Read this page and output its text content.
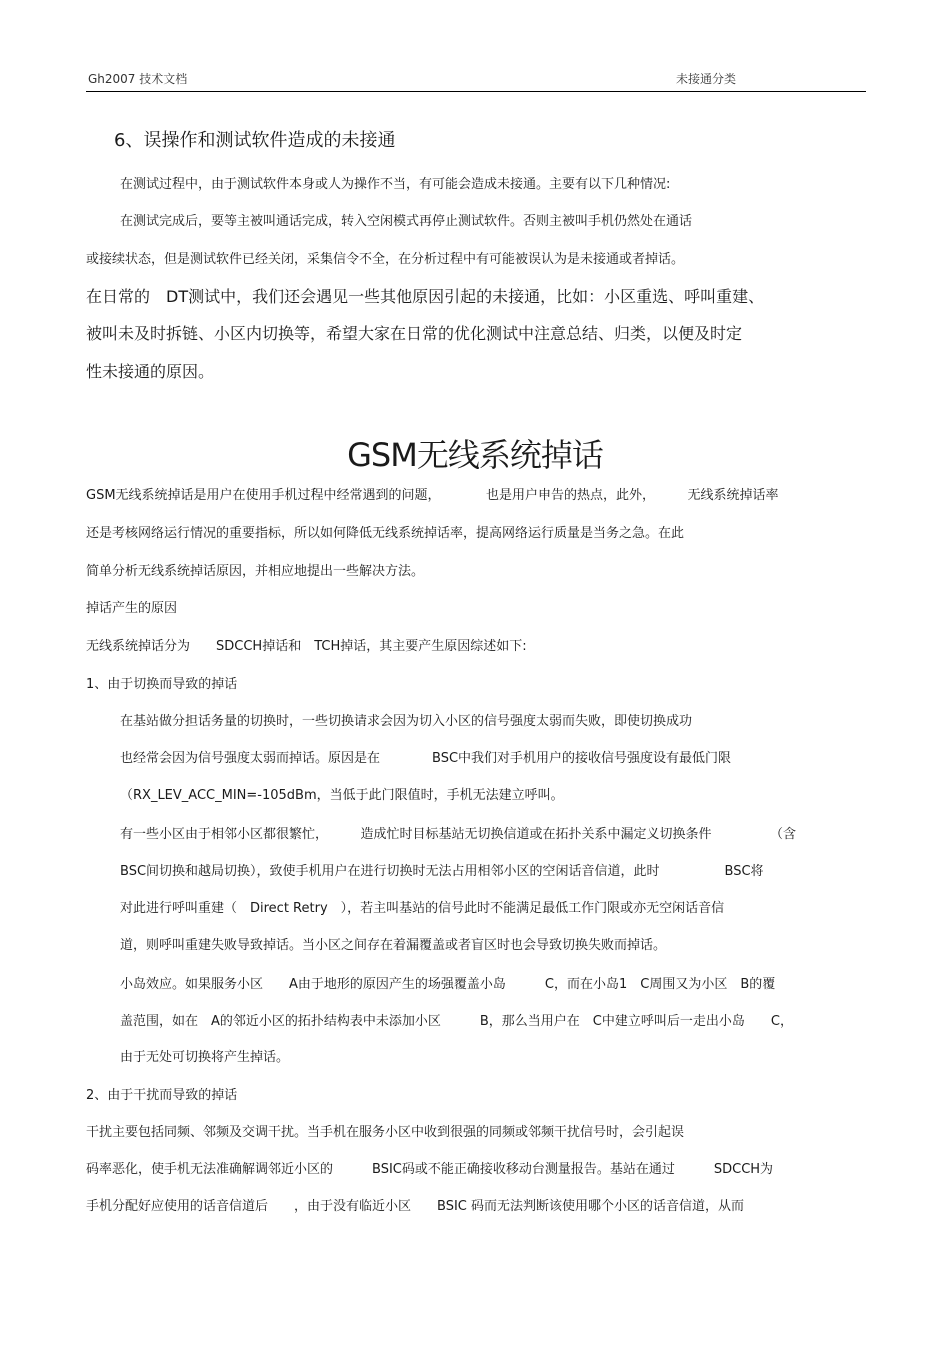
Gh2007 技术文档	未接通分类
6、误操作和测试软件造成的未接通
在测试过程中，由于测试软件本身或人为操作不当，有可能会造成未接通。主要有以下几种情况:
在测试完成后，要等主被叫通话完成，转入空闲模式再停止测试软件。否则主被叫手机仍然处在通话
或接续状态，但是测试软件已经关闭，采集信令不全，在分析过程中有可能被误认为是未接通或者掉话。
在日常的　DT测试中，我们还会遇见一些其他原因引起的未接通，比如：小区重选、呼叫重建、
被叫未及时拆链、小区内切换等，希望大家在日常的优化测试中注意总结、归类，以便及时定
性未接通的原因。
GSM无线系统掉话
GSM无线系统掉话是用户在使用手机过程中经常遇到的问题，　　　　也是用户申告的热点，此外，　　　无线系统掉话率
还是考核网络运行情况的重要指标，所以如何降低无线系统掉话率，提高网络运行质量是当务之急。在此
简单分析无线系统掉话原因，并相应地提出一些解决方法。
掉话产生的原因
无线系统掉话分为　　SDCCH掉话和　TCH掉话，其主要产生原因综述如下:
1、由于切换而导致的掉话
在基站做分担话务量的切换时，一些切换请求会因为切入小区的信号强度太弱而失败，即使切换成功
也经常会因为信号强度太弱而掉话。原因是在　　　　BSC中我们对手机用户的接收信号强度设有最低门限
（RX_LEV_ACC_MIN=-105dBm，当低于此门限值时，手机无法建立呼叫。
有一些小区由于相邻小区都很繁忙，　　　造成忙时目标基站无切换信道或在拓扑关系中漏定义切换条件　　　　　（含
BSC间切换和越局切换），致使手机用户在进行切换时无法占用相邻小区的空闲话音信道，此时　　　　　BSC将
对此进行呼叫重建（　Direct Retry　），若主叫基站的信号此时不能满足最低工作门限或亦无空闲话音信
道，则呼叫重建失败导致掉话。当小区之间存在着漏覆盖或者盲区时也会导致切换失败而掉话。
小岛效应。如果服务小区　　A由于地形的原因产生的场强覆盖小岛　　　C，而在小岛1　C周围又为小区　B的覆
盖范围，如在　A的邻近小区的拓扑结构表中未添加小区　　　B，那么当用户在　C中建立呼叫后一走出小岛　　C，
由于无处可切换将产生掉话。
2、由于干扰而导致的掉话
干扰主要包括同频、邻频及交调干扰。当手机在服务小区中收到很强的同频或邻频干扰信号时，会引起误
码率恶化，使手机无法准确解调邻近小区的　　　BSIC码或不能正确接收移动台测量报告。基站在通过　　　SDCCH为
手机分配好应使用的话音信道后　　，由于没有临近小区　　BSIC 码而无法判断该使用哪个小区的话音信道，从而
